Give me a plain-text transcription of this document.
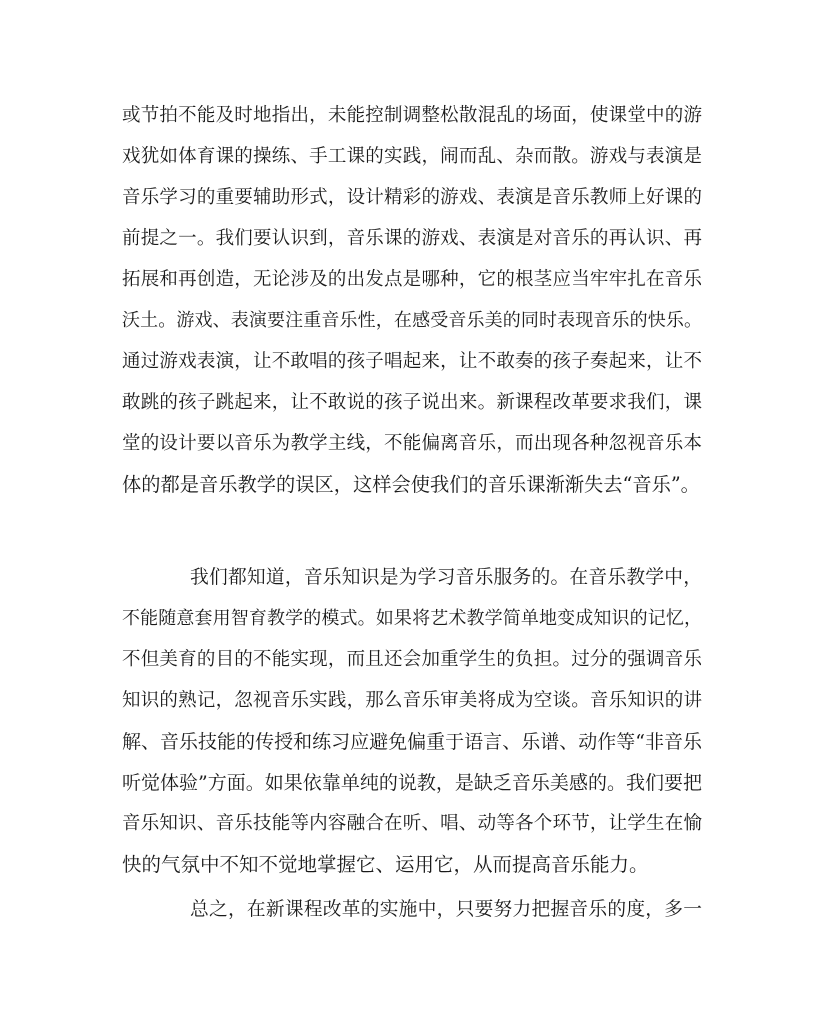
或节拍不能及时地指出，未能控制调整松散混乱的场面，使课堂中的游
戏犹如体育课的操练、手工课的实践，闹而乱、杂而散。游戏与表演是
音乐学习的重要辅助形式，设计精彩的游戏、表演是音乐教师上好课的
前提之一。我们要认识到，音乐课的游戏、表演是对音乐的再认识、再
拓展和再创造，无论涉及的出发点是哪种，它的根茎应当牢牢扎在音乐
沃土。游戏、表演要注重音乐性，在感受音乐美的同时表现音乐的快乐。
通过游戏表演，让不敢唱的孩子唱起来，让不敢奏的孩子奏起来，让不
敢跳的孩子跳起来，让不敢说的孩子说出来。新课程改革要求我们，课
堂的设计要以音乐为教学主线，不能偏离音乐，而出现各种忽视音乐本
体的都是音乐教学的误区，这样会使我们的音乐课渐渐失去“音乐”。
我们都知道，音乐知识是为学习音乐服务的。在音乐教学中，
不能随意套用智育教学的模式。如果将艺术教学简单地变成知识的记忆，
不但美育的目的不能实现，而且还会加重学生的负担。过分的强调音乐
知识的熟记，忽视音乐实践，那么音乐审美将成为空谈。音乐知识的讲
解、音乐技能的传授和练习应避免偏重于语言、乐谱、动作等“非音乐
听觉体验”方面。如果依靠单纯的说教，是缺乏音乐美感的。我们要把
音乐知识、音乐技能等内容融合在听、唱、动等各个环节，让学生在愉
快的气氛中不知不觉地掌握它、运用它，从而提高音乐能力。
总之，在新课程改革的实施中，只要努力把握音乐的度，多一
